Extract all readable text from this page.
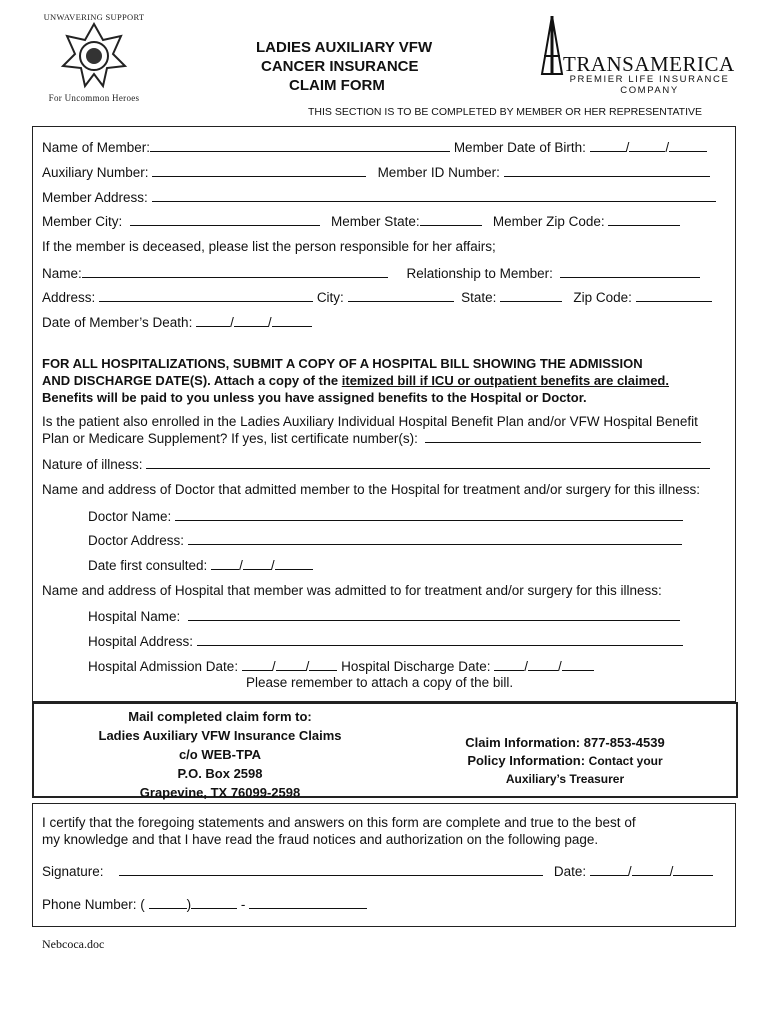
UNWAVERING SUPPORT
For Uncommon Heroes
LADIES AUXILIARY VFW
CANCER INSURANCE
CLAIM FORM
TRANSAMERICA
PREMIER LIFE INSURANCE
COMPANY
THIS SECTION IS TO BE COMPLETED BY MEMBER OR HER REPRESENTATIVE
Name of Member:	Member Date of Birth:	/	/
Auxiliary Number:	Member ID Number:
Member Address:
Member City:	Member State:	Member Zip Code:
If the member is deceased, please list the person responsible for her affairs;
Name:	Relationship to Member:
Address:	City:	State:	Zip Code:
Date of Member’s Death:	/	/
FOR ALL HOSPITALIZATIONS, SUBMIT A COPY OF A HOSPITAL BILL SHOWING THE ADMISSION
AND DISCHARGE DATE(S). Attach a copy of the itemized bill if ICU or outpatient benefits are claimed.
Benefits will be paid to you unless you have assigned benefits to the Hospital or Doctor.
Is the patient also enrolled in the Ladies Auxiliary Individual Hospital Benefit Plan and/or VFW Hospital Benefit
Plan or Medicare Supplement? If yes, list certificate number(s):
Nature of illness:
Name and address of Doctor that admitted member to the Hospital for treatment and/or surgery for this illness:
Doctor Name:
Doctor Address:
Date first consulted: / /
Name and address of Hospital that member was admitted to for treatment and/or surgery for this illness:
Hospital Name:
Hospital Address:
Hospital Admission Date:	/ / Hospital Discharge Date:	/ /
Please remember to attach a copy of the bill.
Mail completed claim form to:
Ladies Auxiliary VFW Insurance Claims
c/o WEB-TPA
P.O. Box 2598
Grapevine, TX 76099-2598
Claim Information: 877-853-4539
Policy Information: Contact your
Auxiliary’s Treasurer
I certify that the foregoing statements and answers on this form are complete and true to the best of
my knowledge and that I have read the fraud notices and authorization on the following page.
Signature:	Date:	/	/
Phone Number: (	)	-
Nebcoca.doc
